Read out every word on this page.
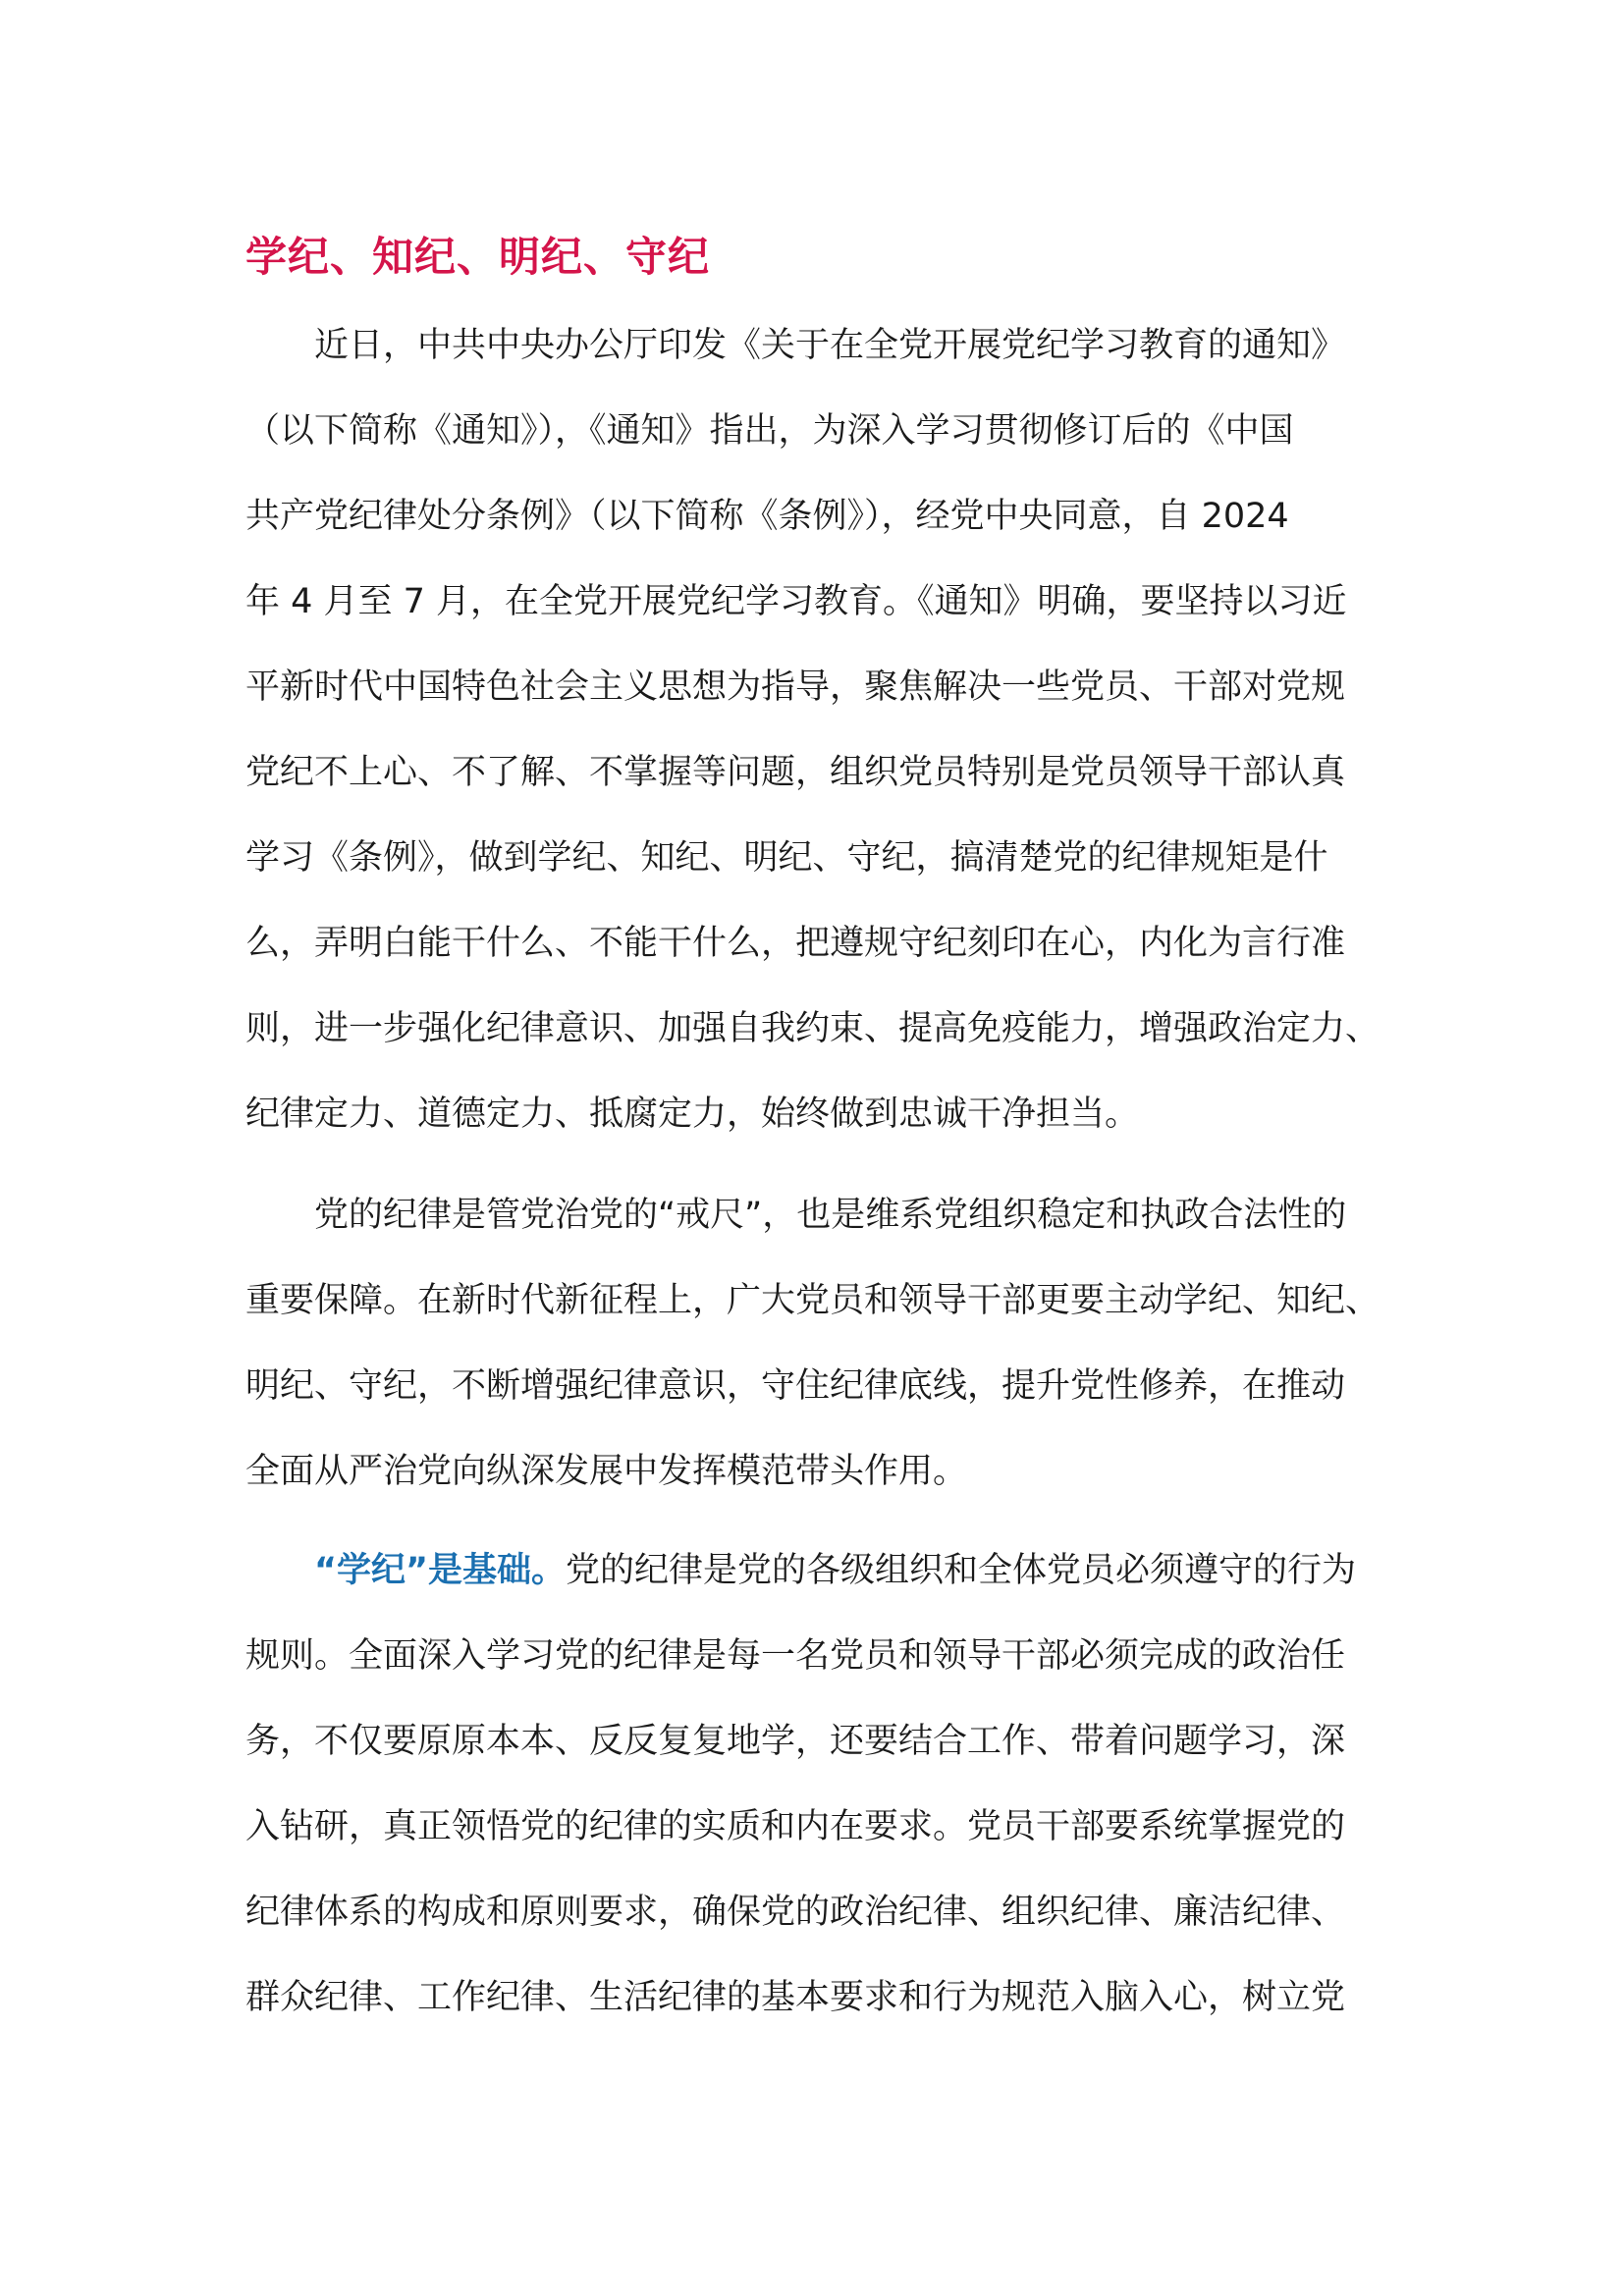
学纪、知纪、明纪、守纪
近日，中共中央办公厅印发《关于在全党开展党纪学习教育的通知》
（以下简称《通知》），《通知》指出，为深入学习贯彻修订后的《中国
共产党纪律处分条例》（以下简称《条例》），经党中央同意，自 2024
年 4 月至 7 月，在全党开展党纪学习教育。《通知》明确，要坚持以习近
平新时代中国特色社会主义思想为指导，聚焦解决一些党员、干部对党规
党纪不上心、不了解、不掌握等问题，组织党员特别是党员领导干部认真
学习《条例》，做到学纪、知纪、明纪、守纪，搞清楚党的纪律规矩是什
么，弄明白能干什么、不能干什么，把遵规守纪刻印在心，内化为言行准
则，进一步强化纪律意识、加强自我约束、提高免疫能力，增强政治定力、
纪律定力、道德定力、抵腐定力，始终做到忠诚干净担当。
党的纪律是管党治党的“戒尺”，也是维系党组织稳定和执政合法性的
重要保障。在新时代新征程上，广大党员和领导干部更要主动学纪、知纪、
明纪、守纪，不断增强纪律意识，守住纪律底线，提升党性修养，在推动
全面从严治党向纵深发展中发挥模范带头作用。
“学纪”是基础。党的纪律是党的各级组织和全体党员必须遵守的行为
规则。全面深入学习党的纪律是每一名党员和领导干部必须完成的政治任
务，不仅要原原本本、反反复复地学，还要结合工作、带着问题学习，深
入钻研，真正领悟党的纪律的实质和内在要求。党员干部要系统掌握党的
纪律体系的构成和原则要求，确保党的政治纪律、组织纪律、廉洁纪律、
群众纪律、工作纪律、生活纪律的基本要求和行为规范入脑入心，树立党
